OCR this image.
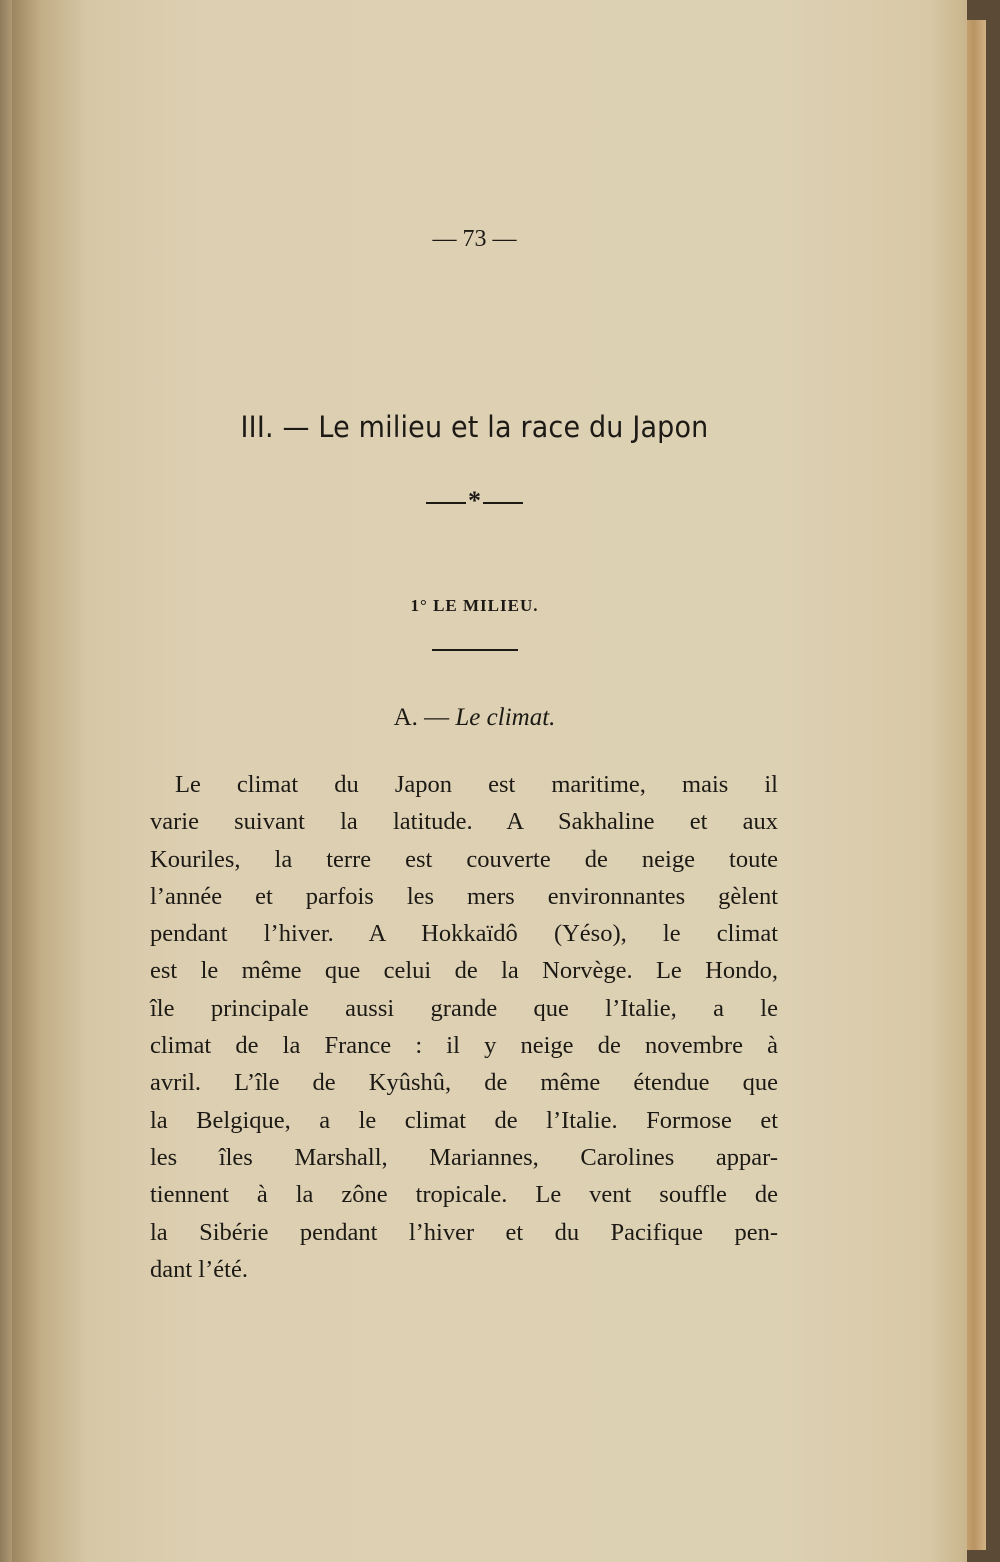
— 73 —
III. — Le milieu et la race du Japon
*
1° LE MILIEU.
A. — Le climat.
Le climat du Japon est maritime, mais il
varie suivant la latitude. A Sakhaline et aux
Kouriles, la terre est couverte de neige toute
l’année et parfois les mers environnantes gèlent
pendant l’hiver. A Hokkaïdô (Yéso), le climat
est le même que celui de la Norvège. Le Hondo,
île principale aussi grande que l’Italie, a le
climat de la France : il y neige de novembre à
avril. L’île de Kyûshû, de même étendue que
la Belgique, a le climat de l’Italie. Formose et
les îles Marshall, Mariannes, Carolines appar-
tiennent à la zône tropicale. Le vent souffle de
la Sibérie pendant l’hiver et du Pacifique pen-
dant l’été.
